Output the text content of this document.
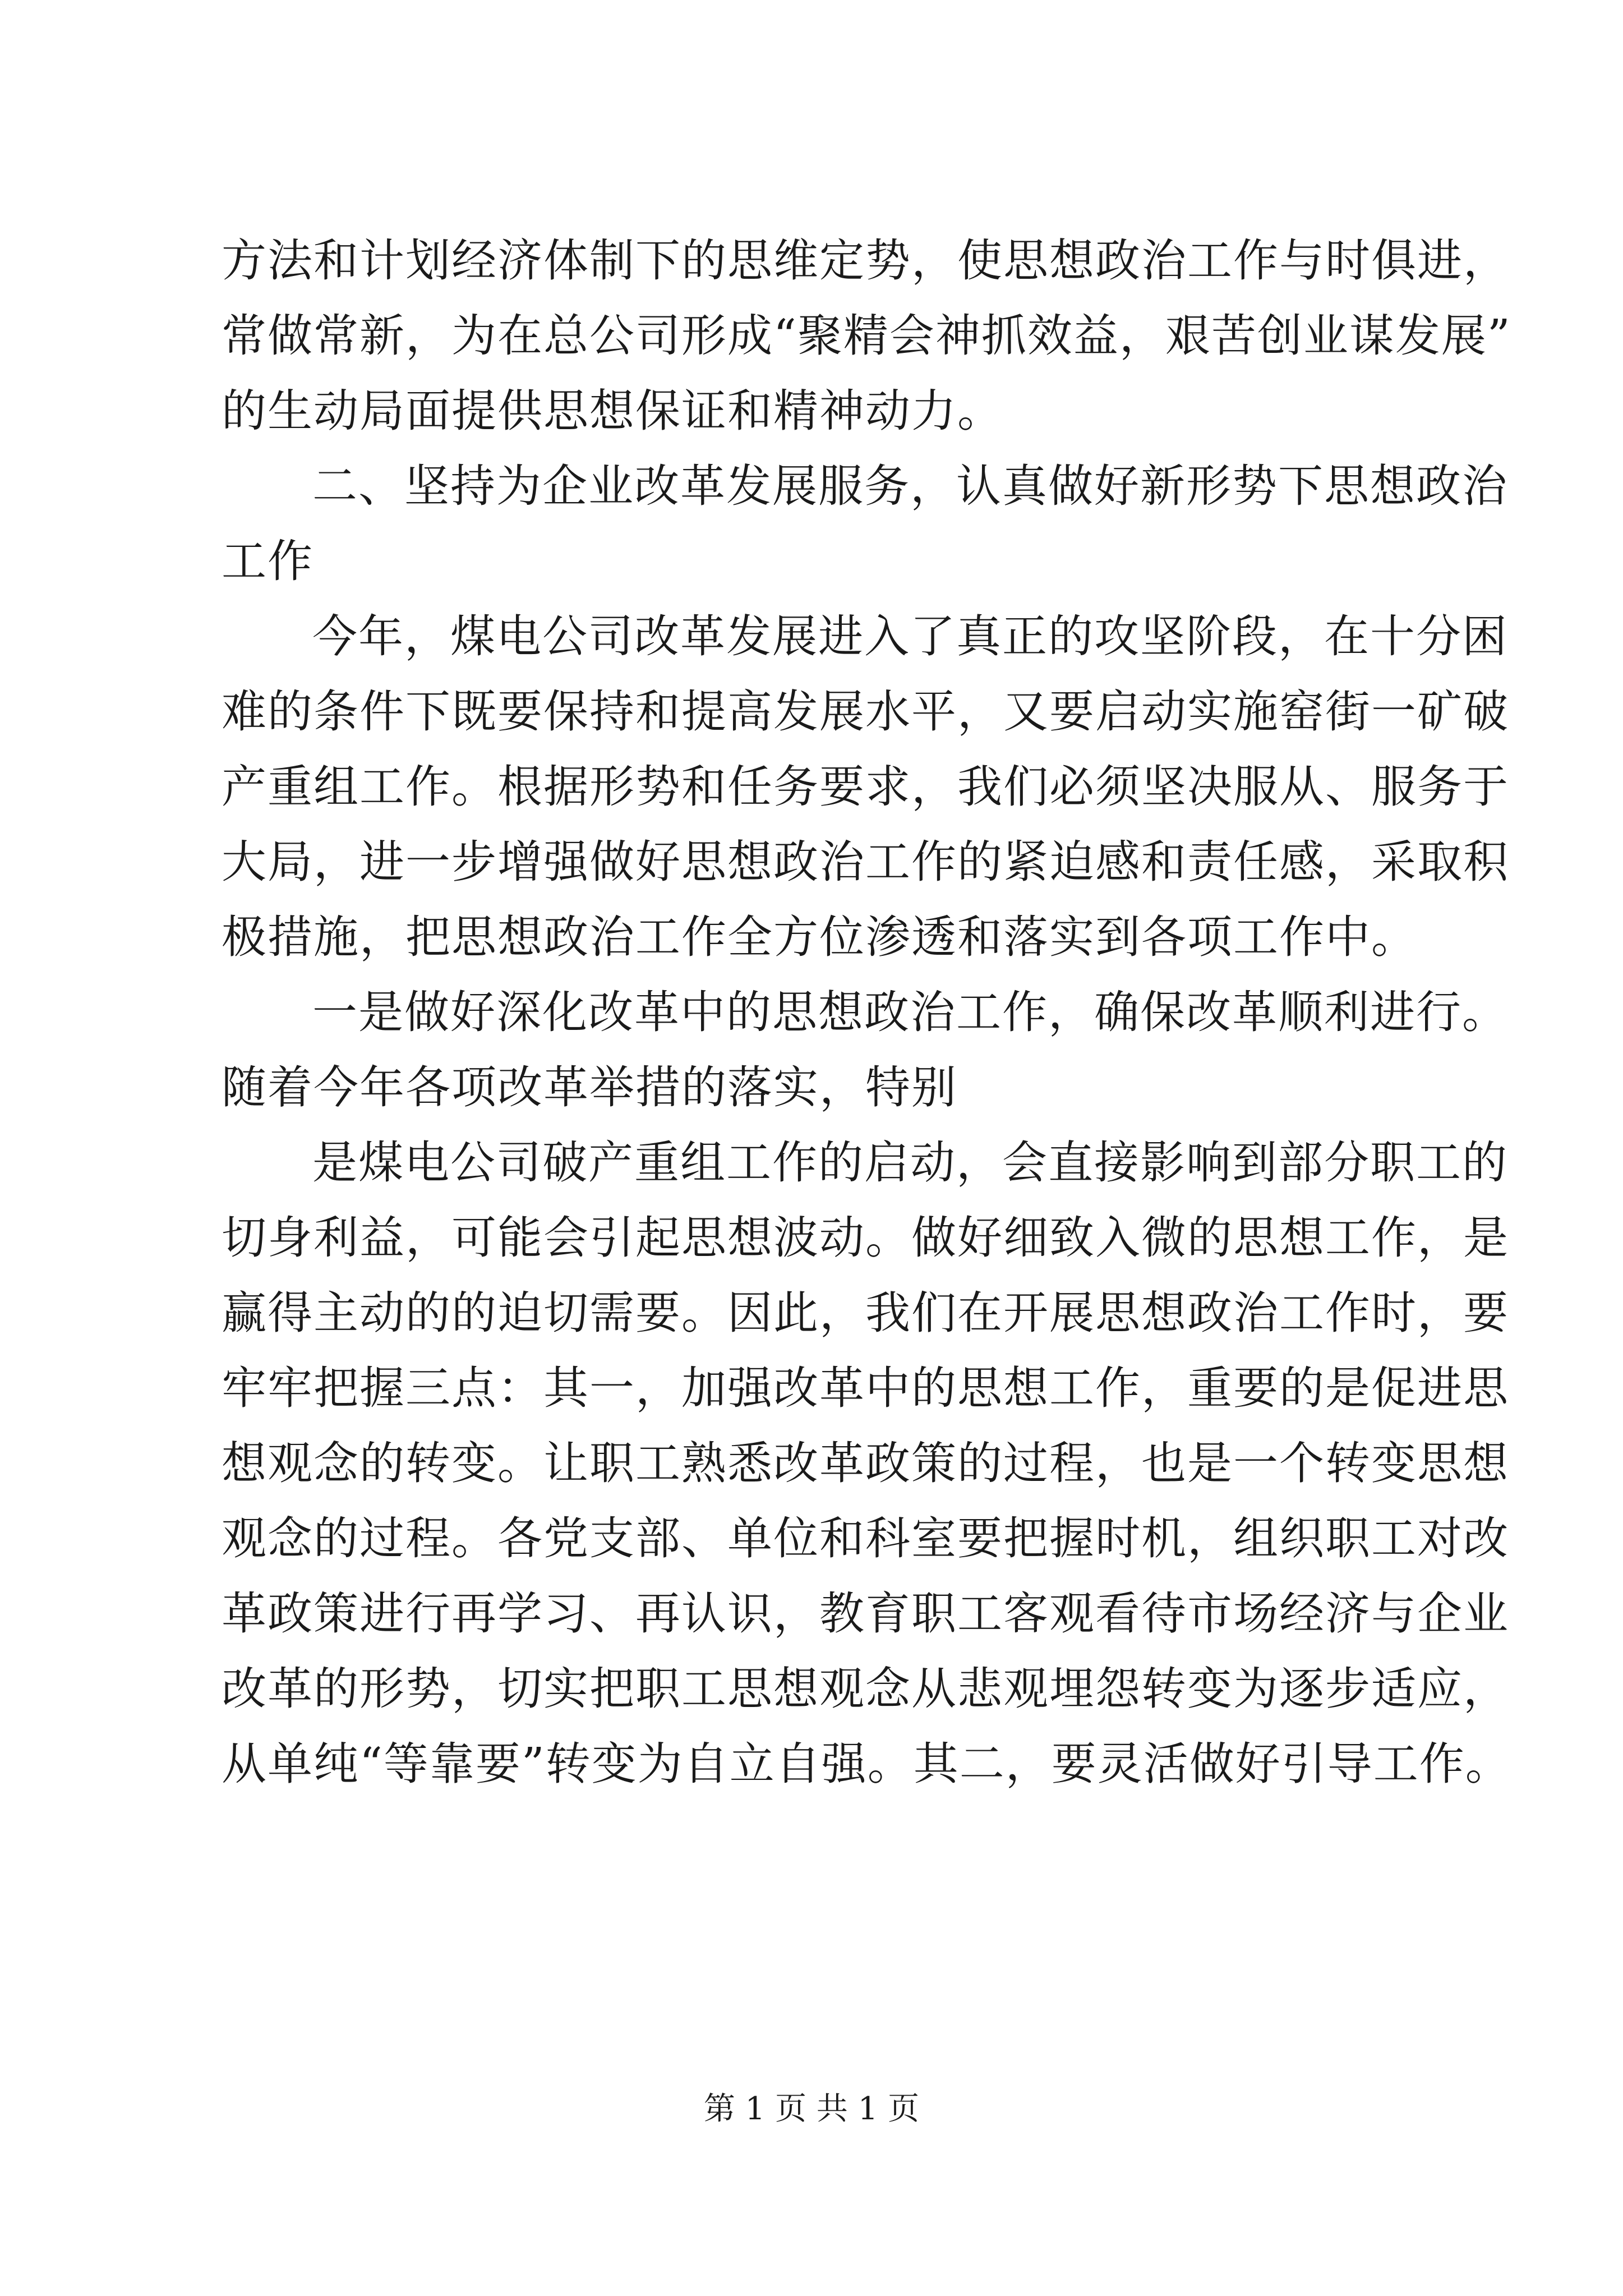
方法和计划经济体制下的思维定势，使思想政治工作与时俱进，
常做常新，为在总公司形成“聚精会神抓效益，艰苦创业谋发展”
的生动局面提供思想保证和精神动力。
二、坚持为企业改革发展服务，认真做好新形势下思想政治
工作
今年，煤电公司改革发展进入了真正的攻坚阶段，在十分困
难的条件下既要保持和提高发展水平，又要启动实施窑街一矿破
产重组工作。根据形势和任务要求，我们必须坚决服从、服务于
大局，进一步增强做好思想政治工作的紧迫感和责任感，采取积
极措施，把思想政治工作全方位渗透和落实到各项工作中。
一是做好深化改革中的思想政治工作，确保改革顺利进行。
随着今年各项改革举措的落实，特别
是煤电公司破产重组工作的启动，会直接影响到部分职工的
切身利益，可能会引起思想波动。做好细致入微的思想工作，是
赢得主动的的迫切需要。因此，我们在开展思想政治工作时，要
牢牢把握三点：其一，加强改革中的思想工作，重要的是促进思
想观念的转变。让职工熟悉改革政策的过程，也是一个转变思想
观念的过程。各党支部、单位和科室要把握时机，组织职工对改
革政策进行再学习、再认识，教育职工客观看待市场经济与企业
改革的形势，切实把职工思想观念从悲观埋怨转变为逐步适应，
从单纯“等靠要”转变为自立自强。其二，要灵活做好引导工作。
第 1 页 共 1 页
